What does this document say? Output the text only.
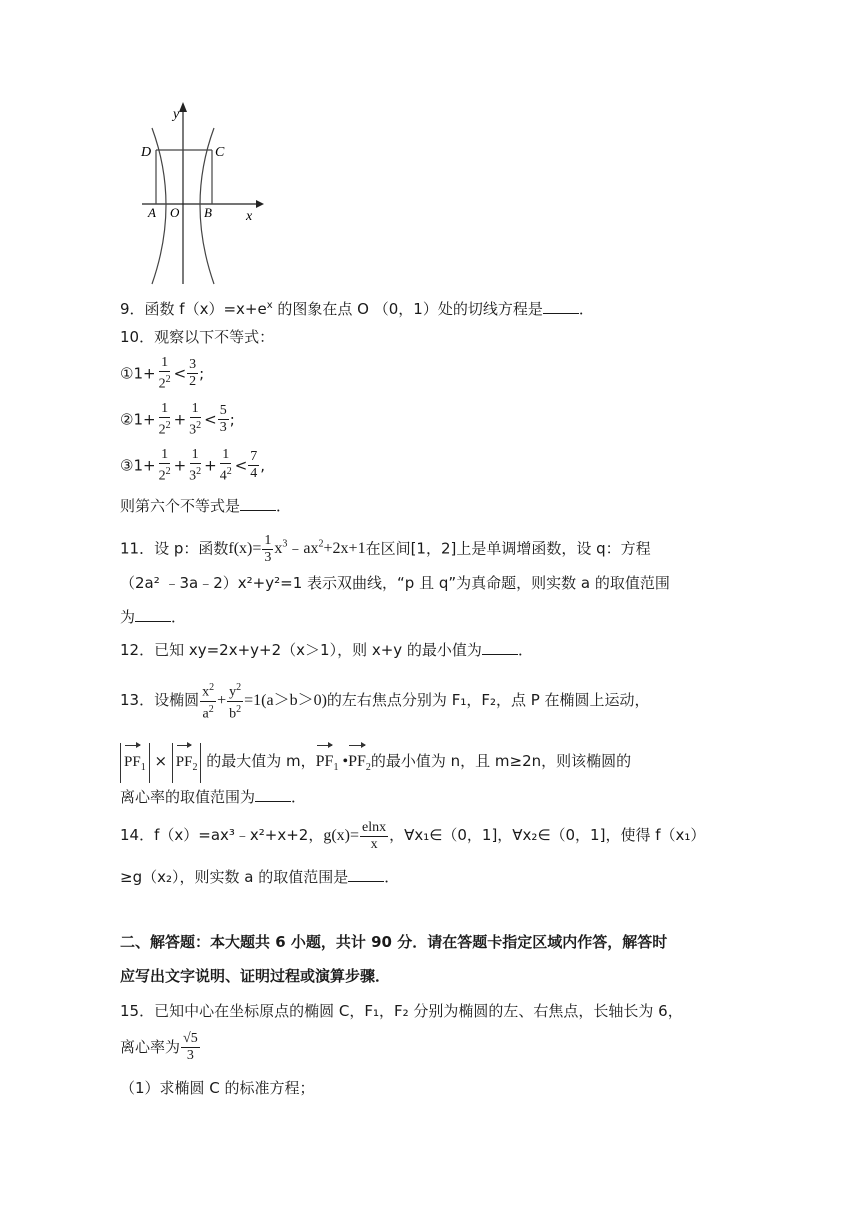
y
x
D	C
A O B
9．函数 $f(x)=x+e^x$ 的图象在点 O （0，1）处的切线方程是 ．
10．观察以下不等式：
①1+ $\frac{1}{2^2} < \frac{3}{2}$ ;
②1+ $\frac{1}{2^2} + \frac{1}{3^2} < \frac{5}{3}$ ;
③1+ $\frac{1}{2^2} + \frac{1}{3^2} + \frac{1}{4^2} < \frac{7}{4}$ ,
则第六个不等式是 ．
11．设 p：函数$f(x)= \frac{1}{3}$ $x^3﹣ax^2+2x+1$在区间[1，2]上是单调增函数，设 q：方程
（2a² ﹣3a﹣2）x²+y²=1 表示双曲线，“p 且 q”为真命题，则实数 a 的取值范围
为 ．
12．已知 xy=2x+y+2（x＞1），则 x+y 的最小值为 ．
13．设椭圆 $\frac{x^2}{a^2} + \frac{y^2}{b^2} =1(a>b>0)$的左右焦点分别为 F₁，F₂，点 P 在椭圆上运动，
$PF_1 \times PF_2$ 的最大值为 m，$PF_1$ $•PF_2$的最小值为 n，且 m≥2n，则该椭圆的
离心率的取值范围为 ．
14．f（x）=ax³﹣x²+x+2，$g(x)= \frac{elnx}{x}$ ，∀x₁∈（0，1]，∀x₂∈（0，1]，使得 f（x₁）
≥g（x₂），则实数 a 的取值范围是 ．
二、解答题：本大题共 6 小题，共计 90 分．请在答题卡指定区域内作答，解答时
应写出文字说明、证明过程或演算步骤．
15．已知中心在坐标原点的椭圆 C，F₁，F₂ 分别为椭圆的左、右焦点，长轴长为 6，
离心率为 $\frac{√5}{3}$
（1）求椭圆 C 的标准方程；
